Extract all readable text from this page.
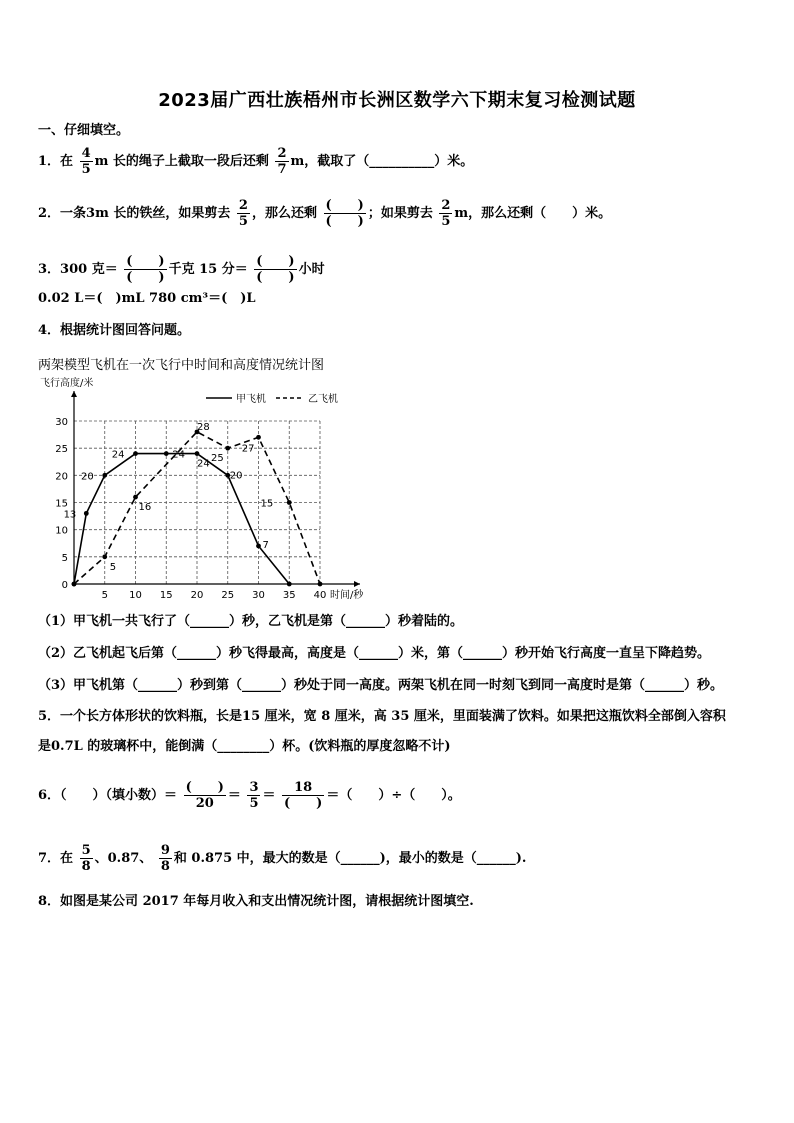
2023届广西壮族梧州市长洲区数学六下期末复习检测试题
一、仔细填空。
1．在 $\frac{4}{5}$ m 长的绳子上截取一段后还剩 $\frac{2}{7}$ m，截取了（__________）米。
2．一条3m 长的铁丝，如果剪去 $\frac{2}{5}$ ，那么还剩 $\frac{( )}{( )}$ ；如果剪去 $\frac{2}{5}$ m，那么还剩（　　）米。
3．300 克＝ $\frac{( )}{( )}$ 千克 15 分＝ $\frac{( )}{( )}$ 小时
0.02 L＝(　)mL 780 cm³＝(　)L
4．根据统计图回答问题。
两架模型飞机在一次飞行中时间和高度情况统计图
飞行高度/米
时间/秒
5 10 15 20 25 30 35 40
0
5
10
15
20
25
30
13
20
24	24
24
20
7
5
16
28
25
27
15
甲飞机	乙飞机
（1）甲飞机一共飞行了（______）秒，乙飞机是第（______）秒着陆的。
（2）乙飞机起飞后第（______）秒飞得最高，高度是（______）米，第（______）秒开始飞行高度一直呈下降趋势。
（3）甲飞机第（______）秒到第（______）秒处于同一高度。两架飞机在同一时刻飞到同一高度时是第（______）秒。
5．一个长方体形状的饮料瓶，长是15 厘米，宽 8 厘米，高 35 厘米，里面装满了饮料。如果把这瓶饮料全部倒入容积
是0.7L 的玻璃杯中，能倒满（________）杯。(饮料瓶的厚度忽略不计)
6．（　　）（填小数）＝ $\frac{( )}{20} = \frac{3}{5} = \frac{18}{( )}$ ＝（　　）÷（　　）。
7．在 $\frac{5}{8}$ 、0.87、 $\frac{9}{8}$ 和 0.875 中，最大的数是（______)，最小的数是（______).
8．如图是某公司 2017 年每月收入和支出情况统计图，请根据统计图填空.
